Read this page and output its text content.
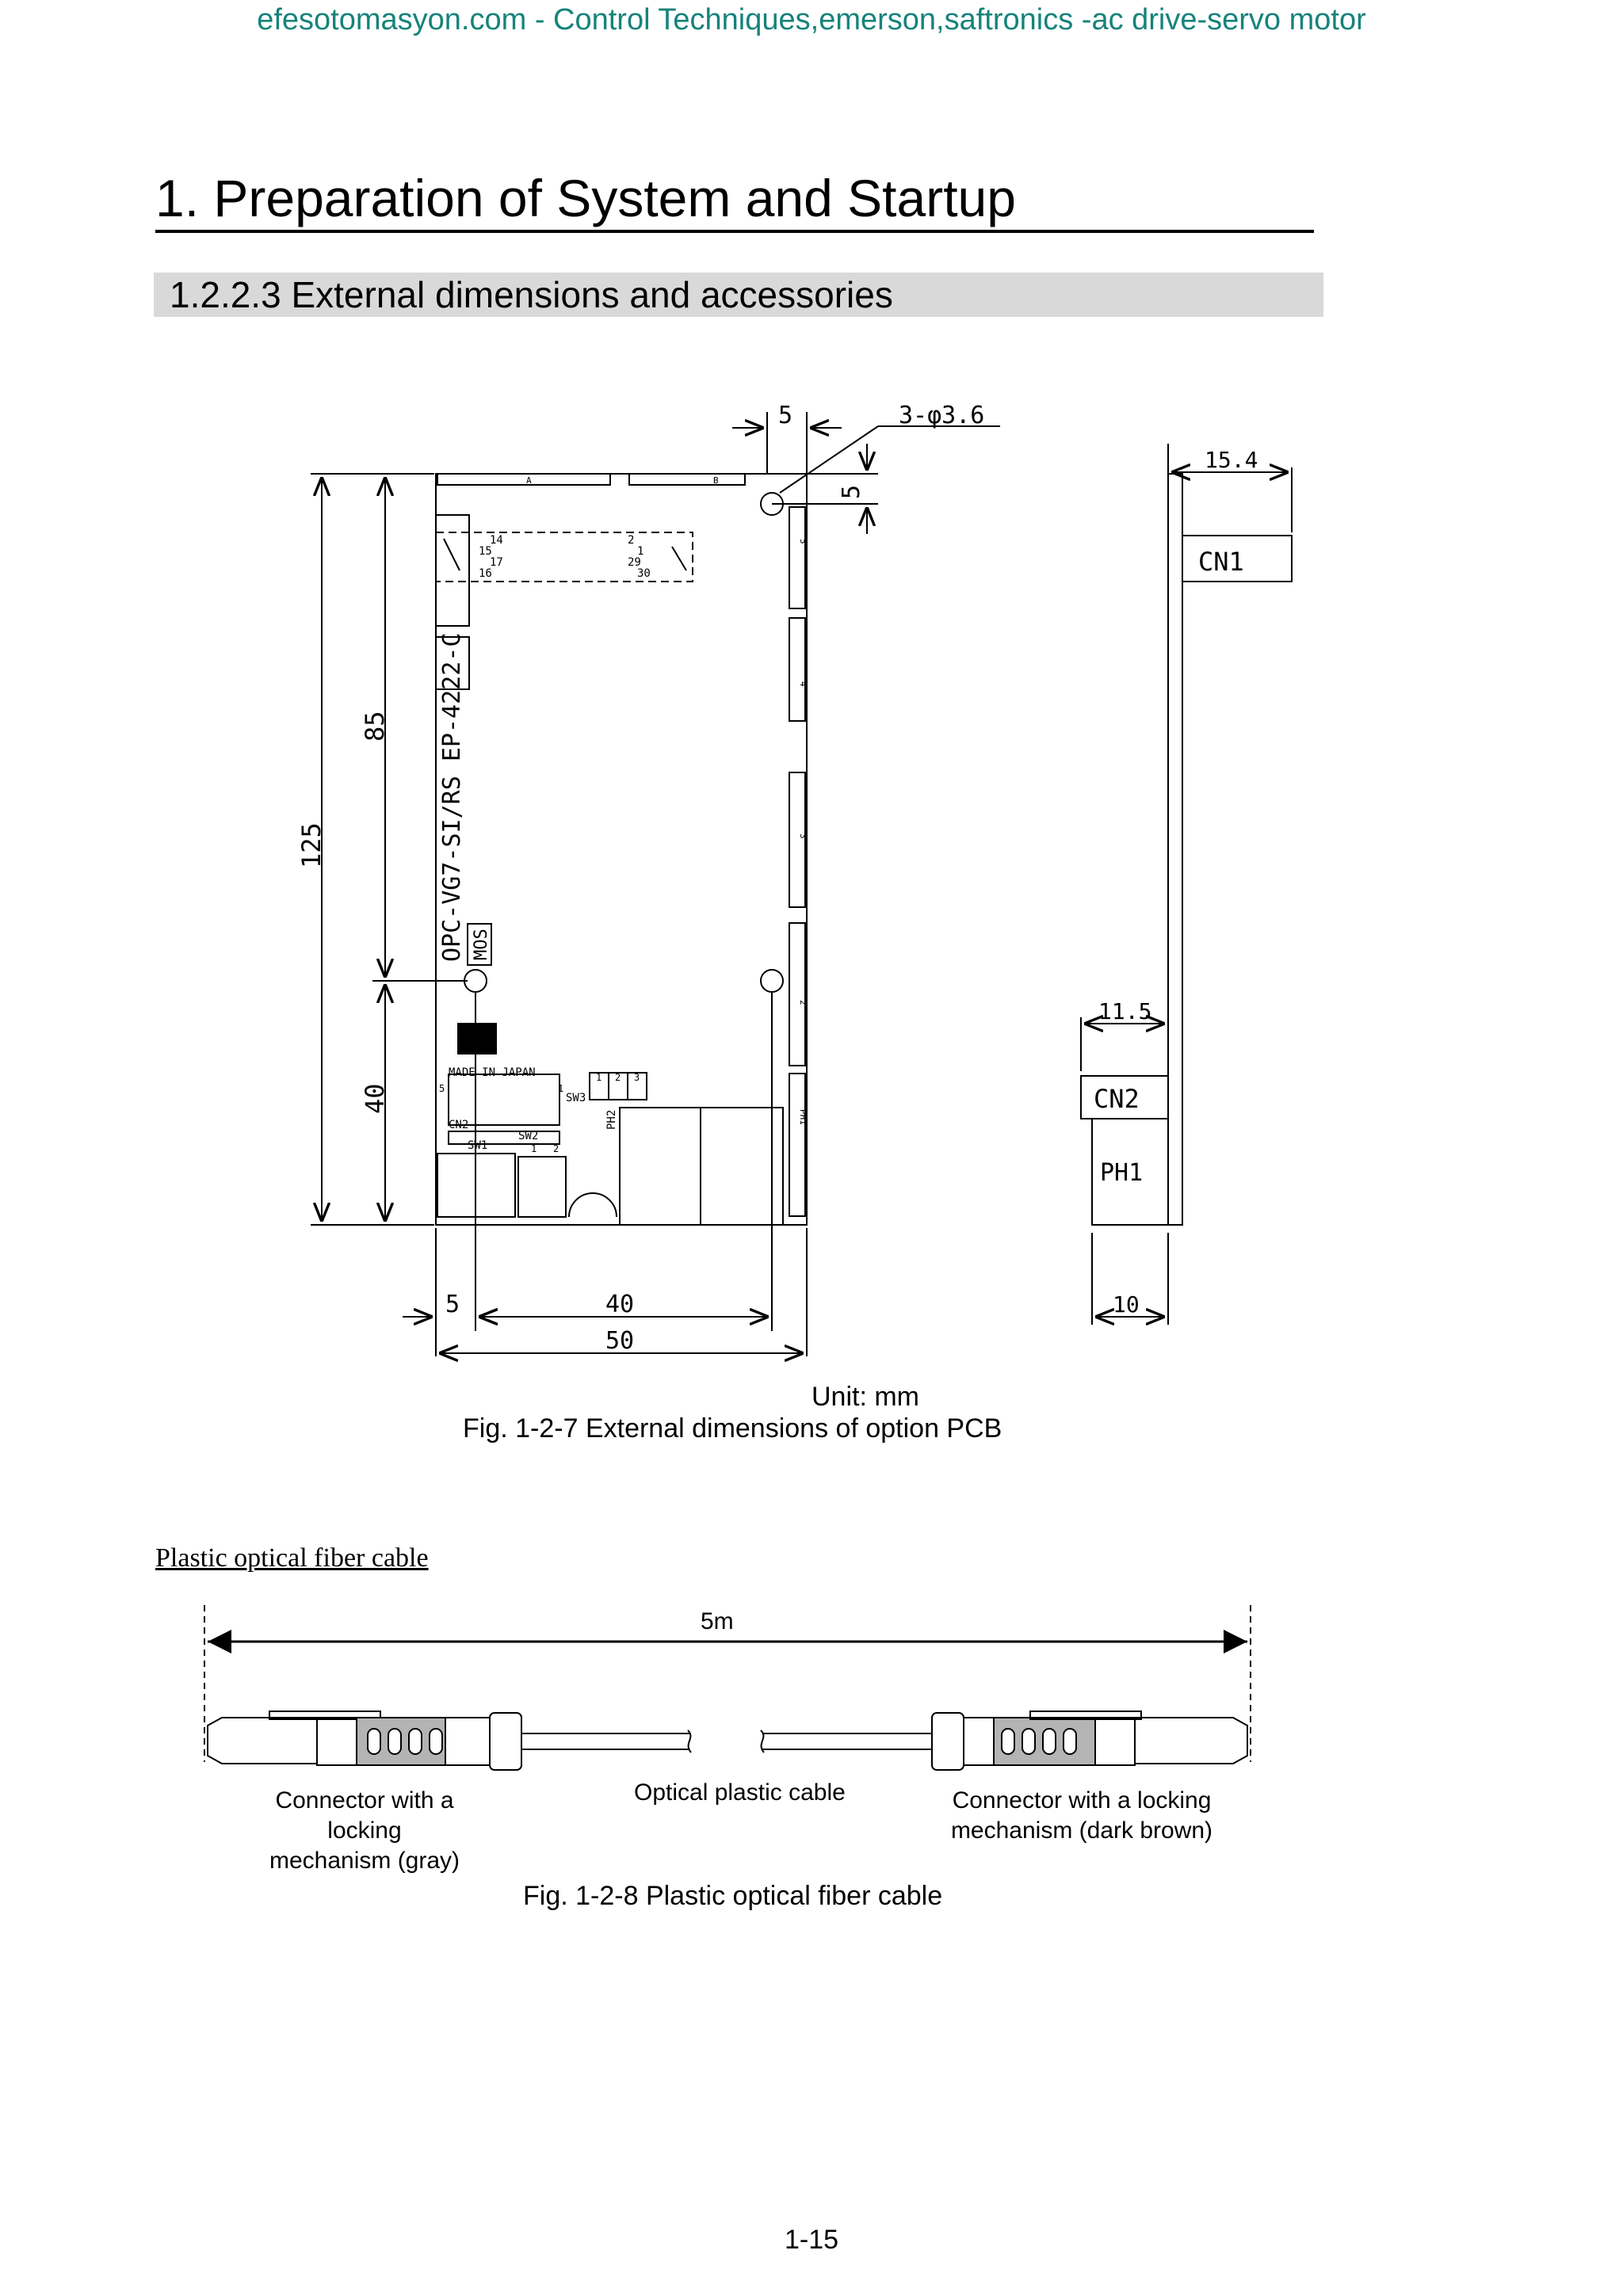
efesotomasyon.com - Control Techniques,emerson,saftronics -ac drive-servo motor
1. Preparation of System and Startup
1.2.2.3 External dimensions and accessories
5	3-φ3.6
5
125
85
40
5	40
50
15.4
11.5
10
CN1
CN2
PH1
OPC-VG7-SI/RS EP-4222-C MOS
MADE IN JAPAN
SW1
SW2
SW3
CN2	PH2
14
15
17
16
2
1
29
30
1 2 3
1 2
5	1
A	B
5
4
3
2
PH1
Unit: mm
Fig. 1-2-7 External dimensions of option PCB
Plastic optical fiber cable
5m
Connector with a locking
mechanism (gray)
Optical plastic cable	Connector with a locking
mechanism (dark brown)
Fig. 1-2-8 Plastic optical fiber cable
1-15
